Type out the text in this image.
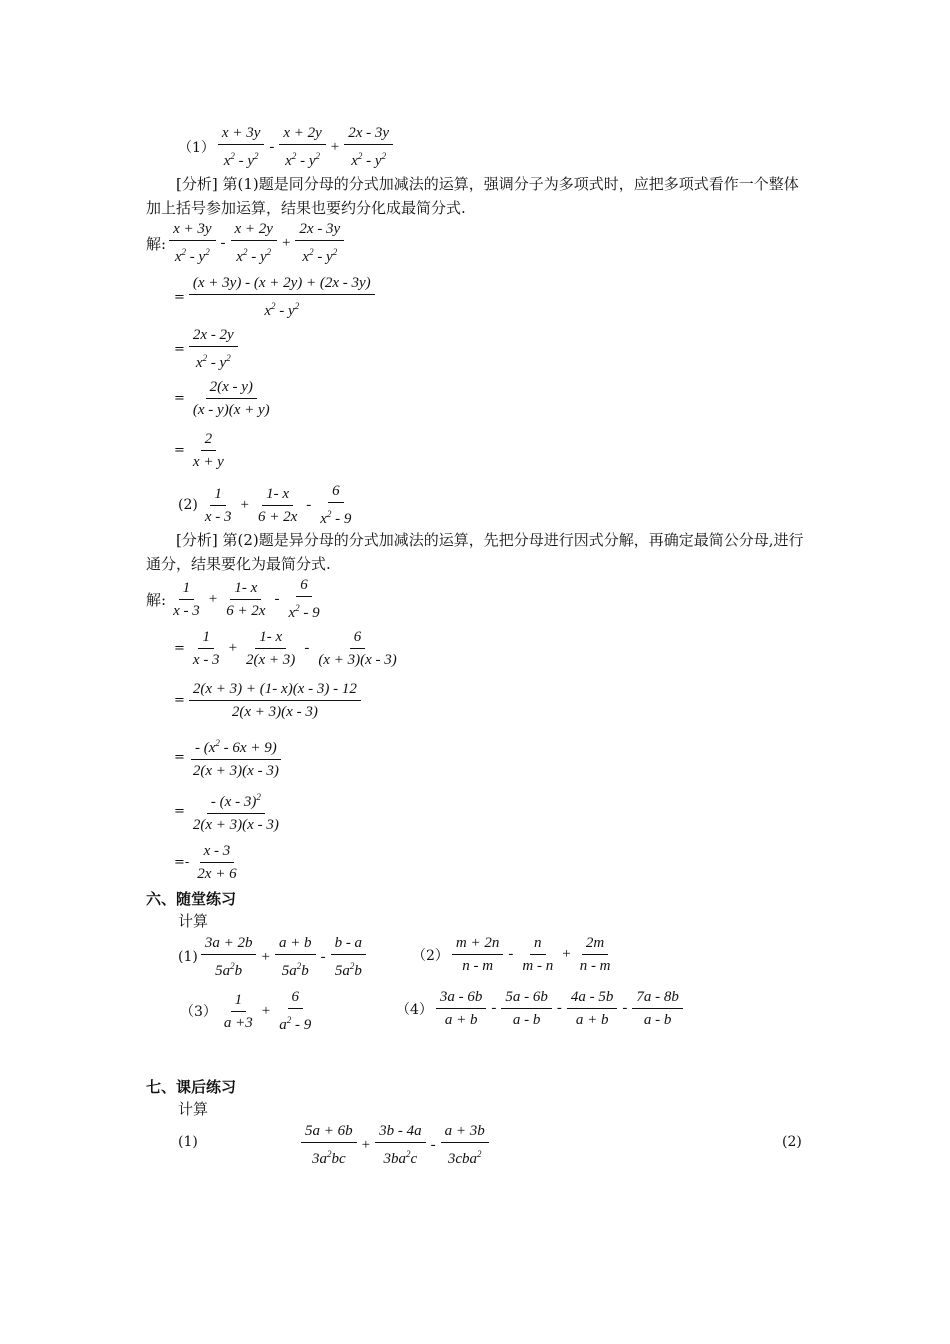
$(1) \frac{x + 3y}{x^2 - y^2} - \frac{x + 2y}{x^2 - y^2} + \frac{2x - 3y}{x^2 - y^2}$
[分析] 第(1)题是同分母的分式加减法的运算，强调分子为多项式时，应把多项式看作一个整体加上括号参加运算，结果也要约分化成最简分式.
解: $\frac{x + 3y}{x^2 - y^2} - \frac{x + 2y}{x^2 - y^2} + \frac{2x - 3y}{x^2 - y^2}$
= $\frac{(x + 3y) - (x + 2y) + (2x - 3y)}{x^2 - y^2}$
= $\frac{2x - 2y}{x^2 - y^2}$
= $\frac{2(x - y)}{(x - y)(x + y)}$
= $\frac{2}{x + y}$
$(2) \frac{1}{x - 3} + \frac{1- x}{6 + 2x} - \frac{6}{x^2 - 9}$
[分析] 第(2)题是异分母的分式加减法的运算，先把分母进行因式分解，再确定最简公分母,进行通分，结果要化为最简分式.
解: $\frac{1}{x - 3} + \frac{1- x}{6 + 2x} - \frac{6}{x^2 - 9}$
= $\frac{1}{x - 3} + \frac{1- x}{2(x + 3)} - \frac{6}{(x + 3)(x - 3)}$
= $\frac{2(x + 3) + (1- x)(x - 3) - 12}{2(x + 3)(x - 3)}$
= $\frac{- (x^2 - 6x + 9)}{2(x + 3)(x - 3)}$
= $\frac{- (x - 3)^2}{2(x + 3)(x - 3)}$
=- $\frac{x - 3}{2x + 6}$
六、随堂练习
计算
$(1) \frac{3a + 2b}{5a^2b} + \frac{a + b}{5a^2b} - \frac{b - a}{5a^2b}$	$(2) \frac{m + 2n}{n - m} - \frac{n}{m - n} + \frac{2m}{n - m}$
$(3) \frac{1}{a +3} + \frac{6}{a^2 - 9}$	$(4) \frac{3a - 6b}{a + b} - \frac{5a - 6b}{a - b} - \frac{4a - 5b}{a + b} - \frac{7a - 8b}{a - b}$
七、课后练习
计算
(1)	$\frac{5a + 6b}{3a^2bc} + \frac{3b - 4a}{3ba^2c} - \frac{a + 3b}{3cba^2}$	(2)
